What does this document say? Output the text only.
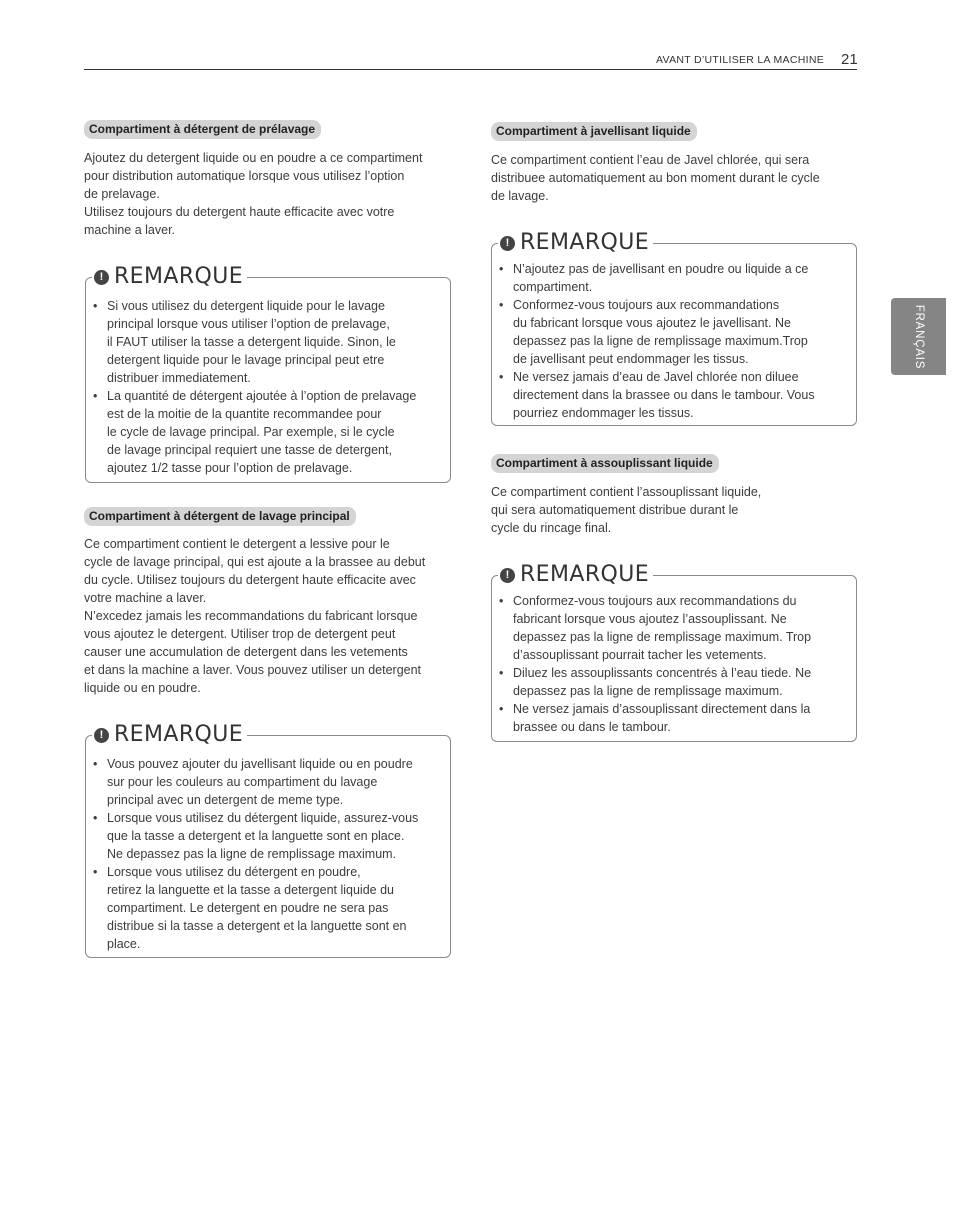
AVANT D’UTILISER LA MACHINE 21
FRANÇAIS
Compartiment à détergent de prélavage

Ajoutez du detergent liquide ou en poudre a ce compartiment

pour distribution automatique lorsque vous utilisez l’option

de prelavage.

Utilisez toujours du detergent haute efficacite avec votre

machine a laver.

! REMARQUE
• Si vous utilisez du detergent liquide pour le lavage
principal lorsque vous utiliser l’option de prelavage,
il FAUT utiliser la tasse a detergent liquide. Sinon, le
detergent liquide pour le lavage principal peut etre
distribuer immediatement.
• La quantité de détergent ajoutée à l’option de prelavage
est de la moitie de la quantite recommandee pour
le cycle de lavage principal. Par exemple, si le cycle
de lavage principal requiert une tasse de detergent,
ajoutez 1/2 tasse pour l’option de prelavage.
Compartiment à détergent de lavage principal

Ce compartiment contient le detergent a lessive pour le

cycle de lavage principal, qui est ajoute a la brassee au debut

du cycle. Utilisez toujours du detergent haute efficacite avec

votre machine a laver.

N’excedez jamais les recommandations du fabricant lorsque

vous ajoutez le detergent. Utiliser trop de detergent peut

causer une accumulation de detergent dans les vetements

et dans la machine a laver. Vous pouvez utiliser un detergent

liquide ou en poudre.

! REMARQUE
• Vous pouvez ajouter du javellisant liquide ou en poudre
sur pour les couleurs au compartiment du lavage
principal avec un detergent de meme type.
• Lorsque vous utilisez du détergent liquide, assurez-vous
que la tasse a detergent et la languette sont en place.
Ne depassez pas la ligne de remplissage maximum.
• Lorsque vous utilisez du détergent en poudre,
retirez la languette et la tasse a detergent liquide du
compartiment. Le detergent en poudre ne sera pas
distribue si la tasse a detergent et la languette sont en
place.
Compartiment à javellisant liquide

Ce compartiment contient l’eau de Javel chlorée, qui sera

distribuee automatiquement au bon moment durant le cycle

de lavage.

! REMARQUE
• N’ajoutez pas de javellisant en poudre ou liquide a ce
compartiment.
• Conformez-vous toujours aux recommandations
du fabricant lorsque vous ajoutez le javellisant. Ne
depassez pas la ligne de remplissage maximum.Trop
de javellisant peut endommager les tissus.
• Ne versez jamais d’eau de Javel chlorée non diluee
directement dans la brassee ou dans le tambour. Vous
pourriez endommager les tissus.
Compartiment à assouplissant liquide

Ce compartiment contient l’assouplissant liquide,

qui sera automatiquement distribue durant le

cycle du rincage final.

! REMARQUE
• Conformez-vous toujours aux recommandations du
fabricant lorsque vous ajoutez l’assouplissant. Ne
depassez pas la ligne de remplissage maximum. Trop
d’assouplissant pourrait tacher les vetements.
• Diluez les assouplissants concentrés à l’eau tiede. Ne
depassez pas la ligne de remplissage maximum.
• Ne versez jamais d’assouplissant directement dans la
brassee ou dans le tambour.
